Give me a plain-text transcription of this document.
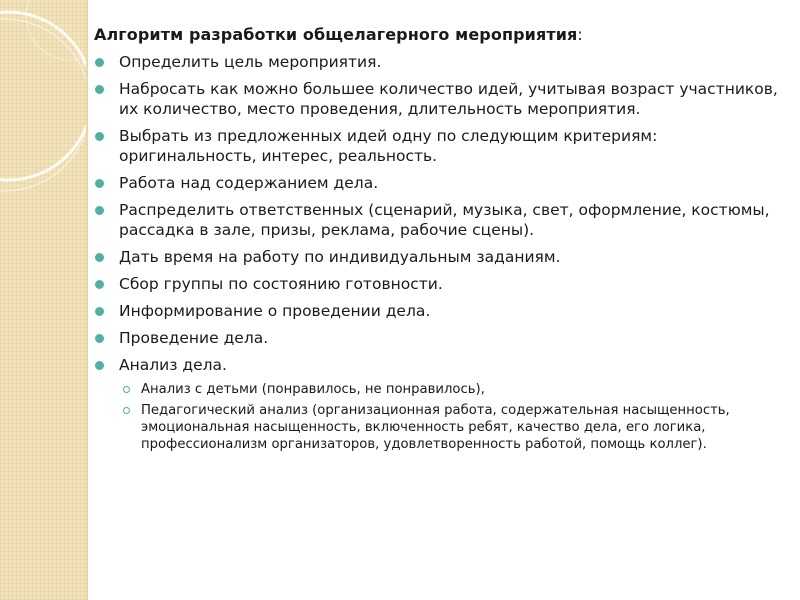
Алгоритм разработки общелагерного мероприятия:
Определить цель мероприятия.
Набросать как можно большее количество идей, учитывая возраст участников, их количество, место проведения, длительность мероприятия.
Выбрать из предложенных идей одну по следующим критериям: оригинальность, интерес, реальность.
Работа над содержанием дела.
Распределить ответственных (сценарий, музыка, свет, оформление, костюмы, рассадка в зале, призы, реклама, рабочие сцены).
Дать время на работу по индивидуальным заданиям.
Сбор группы по состоянию готовности.
Информирование о проведении дела.
Проведение дела.
Анализ дела.
Анализ с детьми (понравилось, не понравилось),
Педагогический анализ (организационная работа, содержательная насыщенность, эмоциональная насыщенность, включенность ребят, качество дела, его логика, профессионализм организаторов, удовлетворенность работой, помощь коллег).
